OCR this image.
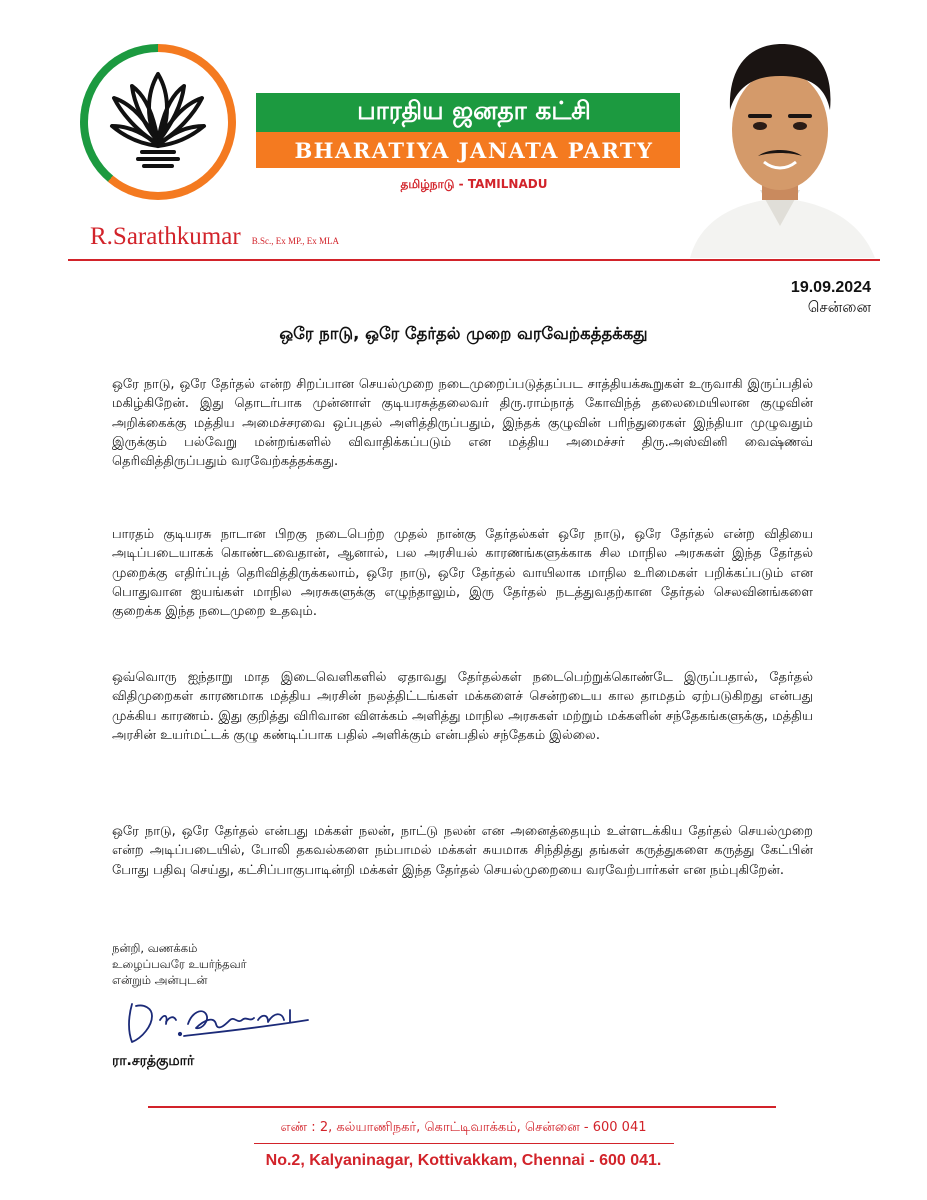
பாரதிய ஜனதா கட்சி
BHARATIYA JANATA PARTY
தமிழ்நாடு - TAMILNADU
R.Sarathkumar B.Sc., Ex MP., Ex MLA
19.09.2024
சென்னை
ஒரே நாடு, ஒரே தேர்தல் முறை வரவேற்கத்தக்கது

ஒரே நாடு, ஒரே தேர்தல் என்ற சிறப்பான செயல்முறை நடைமுறைப்படுத்தப்பட சாத்தியக்கூறுகள் உருவாகி இருப்பதில் மகிழ்கிறேன். இது தொடர்பாக முன்னாள் குடியரசுத்தலைவர் திரு.ராம்நாத் கோவிந்த் தலைமையிலான குழுவின் அறிக்கைக்கு மத்திய அமைச்சரவை ஒப்புதல் அளித்திருப்பதும், இந்தக் குழுவின் பரிந்துரைகள் இந்தியா முழுவதும் இருக்கும் பல்வேறு மன்றங்களில் விவாதிக்கப்படும் என மத்திய அமைச்சர் திரு.அஸ்வினி வைஷ்ணவ் தெரிவித்திருப்பதும் வரவேற்கத்தக்கது.

பாரதம் குடியரசு நாடான பிறகு நடைபெற்ற முதல் நான்கு தேர்தல்கள் ஒரே நாடு, ஒரே தேர்தல் என்ற விதியை அடிப்படையாகக் கொண்டவைதான், ஆனால், பல அரசியல் காரணங்களுக்காக சில மாநில அரசுகள் இந்த தேர்தல் முறைக்கு எதிர்ப்புத் தெரிவித்திருக்கலாம், ஒரே நாடு, ஒரே தேர்தல் வாயிலாக மாநில உரிமைகள் பறிக்கப்படும் என பொதுவான ஐயங்கள் மாநில அரசுகளுக்கு எழுந்தாலும், இரு தேர்தல் நடத்துவதற்கான தேர்தல் செலவினங்களை குறைக்க இந்த நடைமுறை உதவும்.

ஒவ்வொரு ஐந்தாறு மாத இடைவெளிகளில் ஏதாவது தேர்தல்கள் நடைபெற்றுக்கொண்டே இருப்பதால், தேர்தல் விதிமுறைகள் காரணமாக மத்திய அரசின் நலத்திட்டங்கள் மக்களைச் சென்றடைய கால தாமதம் ஏற்படுகிறது என்பது முக்கிய காரணம். இது குறித்து விரிவான விளக்கம் அளித்து மாநில அரசுகள் மற்றும் மக்களின் சந்தேகங்களுக்கு, மத்திய அரசின் உயர்மட்டக் குழு கண்டிப்பாக பதில் அளிக்கும் என்பதில் சந்தேகம் இல்லை.

ஒரே நாடு, ஒரே தேர்தல் என்பது மக்கள் நலன், நாட்டு நலன் என அனைத்தையும் உள்ளடக்கிய தேர்தல் செயல்முறை என்ற அடிப்படையில், போலி தகவல்களை நம்பாமல் மக்கள் சுயமாக சிந்தித்து தங்கள் கருத்துகளை கருத்து கேட்பின் போது பதிவு செய்து, கட்சிப்பாகுபாடின்றி மக்கள் இந்த தேர்தல் செயல்முறையை வரவேற்பார்கள் என நம்புகிறேன்.

நன்றி, வணக்கம்
உழைப்பவரே உயர்ந்தவர்
என்றும் அன்புடன்
ரா.சரத்குமார்
எண் : 2, கல்யாணிநகர், கொட்டிவாக்கம், சென்னை - 600 041
No.2, Kalyaninagar, Kottivakkam, Chennai - 600 041.
